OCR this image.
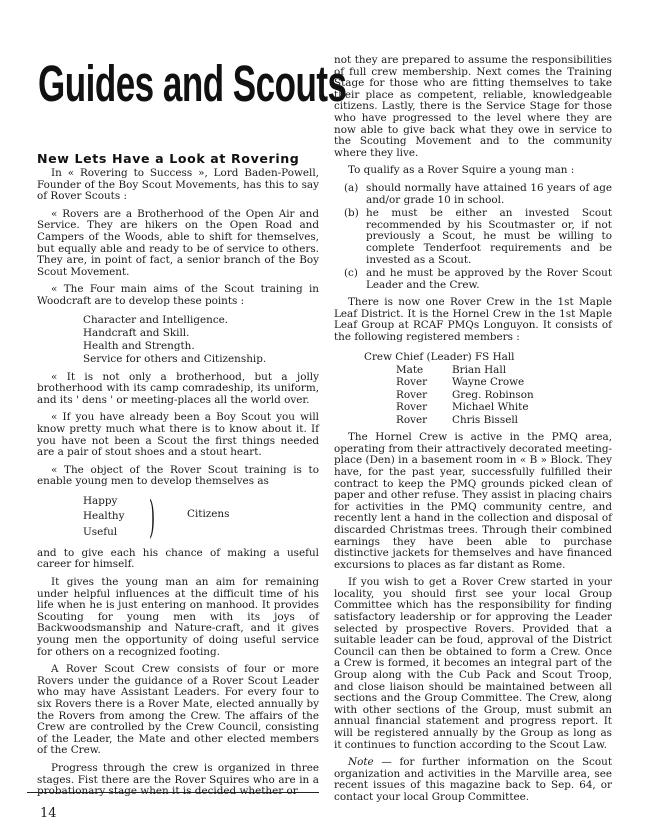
Guides and Scouts
New Lets Have a Look at Rovering

In « Rovering to Success », Lord Baden-Powell, Founder of the Boy Scout Movements, has this to say of Rover Scouts :

« Rovers are a Brotherhood of the Open Air and Service. They are hikers on the Open Road and Campers of the Woods, able to shift for themselves, but equally able and ready to be of service to others. They are, in point of fact, a senior branch of the Boy Scout Movement.

« The Four main aims of the Scout training in Woodcraft are to develop these points :

Character and Intelligence.
Handcraft and Skill.
Health and Strength.
Service for others and Citizenship.

« It is not only a brotherhood, but a jolly brotherhood with its camp comradeship, its uniform, and its ' dens ' or meeting-places all the world over.

« If you have already been a Boy Scout you will know pretty much what there is to know about it. If you have not been a Scout the first things needed are a pair of stout shoes and a stout heart.

« The object of the Rover Scout training is to enable young men to develop themselves as

Happy
Healthy
Useful )	Citizens

and to give each his chance of making a useful career for himself.

It gives the young man an aim for remaining under helpful influences at the difficult time of his life when he is just entering on manhood. It provides Scouting for young men with its joys of Backwoodsmanship and Nature-craft, and it gives young men the opportunity of doing useful service for others on a recognized footing.

A Rover Scout Crew consists of four or more Rovers under the guidance of a Rover Scout Leader who may have Assistant Leaders. For every four to six Rovers there is a Rover Mate, elected annually by the Rovers from among the Crew. The affairs of the Crew are controlled by the Crew Council, consisting of the Leader, the Mate and other elected members of the Crew.

Progress through the crew is organized in three stages. Fist there are the Rover Squires who are in a probationary stage when it is decided whether or

not they are prepared to assume the responsibilities of full crew membership. Next comes the Training Stage for those who are fitting themselves to take their place as competent, reliable, knowledgeable citizens. Lastly, there is the Service Stage for those who have progressed to the level where they are now able to give back what they owe in service to the Scouting Movement and to the community where they live.

To qualify as a Rover Squire a young man :

(a) should normally have attained 16 years of age and/or grade 10 in school.
(b) he must be either an invested Scout recommended by his Scoutmaster or, if not previously a Scout, he must be willing to complete Tenderfoot requirements and be invested as a Scout.
(c) and he must be approved by the Rover Scout Leader and the Crew.

There is now one Rover Crew in the 1st Maple Leaf District. It is the Hornel Crew in the 1st Maple Leaf Group at RCAF PMQs Longuyon. It consists of the following registered members :

Crew Chief (Leader) FS Hall
Mate	Brian Hall
Rover	Wayne Crowe
Rover	Greg. Robinson
Rover	Michael White
Rover	Chris Bissell

The Hornel Crew is active in the PMQ area, operating from their attractively decorated meeting-place (Den) in a basement room in « B » Block. They have, for the past year, successfully fulfilled their contract to keep the PMQ grounds picked clean of paper and other refuse. They assist in placing chairs for activities in the PMQ community centre, and recently lent a hand in the collection and disposal of discarded Christmas trees. Through their combined earnings they have been able to purchase distinctive jackets for themselves and have financed excursions to places as far distant as Rome.

If you wish to get a Rover Crew started in your locality, you should first see your local Group Committee which has the responsibility for finding satisfactory leadership or for approving the Leader selected by prospective Rovers. Provided that a suitable leader can be foud, approval of the District Council can then be obtained to form a Crew. Once a Crew is formed, it becomes an integral part of the Group along with the Cub Pack and Scout Troop, and close liaison should be maintained between all sections and the Group Committee. The Crew, along with other sections of the Group, must submit an annual financial statement and progress report. It will be registered annually by the Group as long as it continues to function according to the Scout Law.

Note — for further information on the Scout organization and activities in the Marville area, see recent issues of this magazine back to Sep. 64, or contact your local Group Committee.

14
